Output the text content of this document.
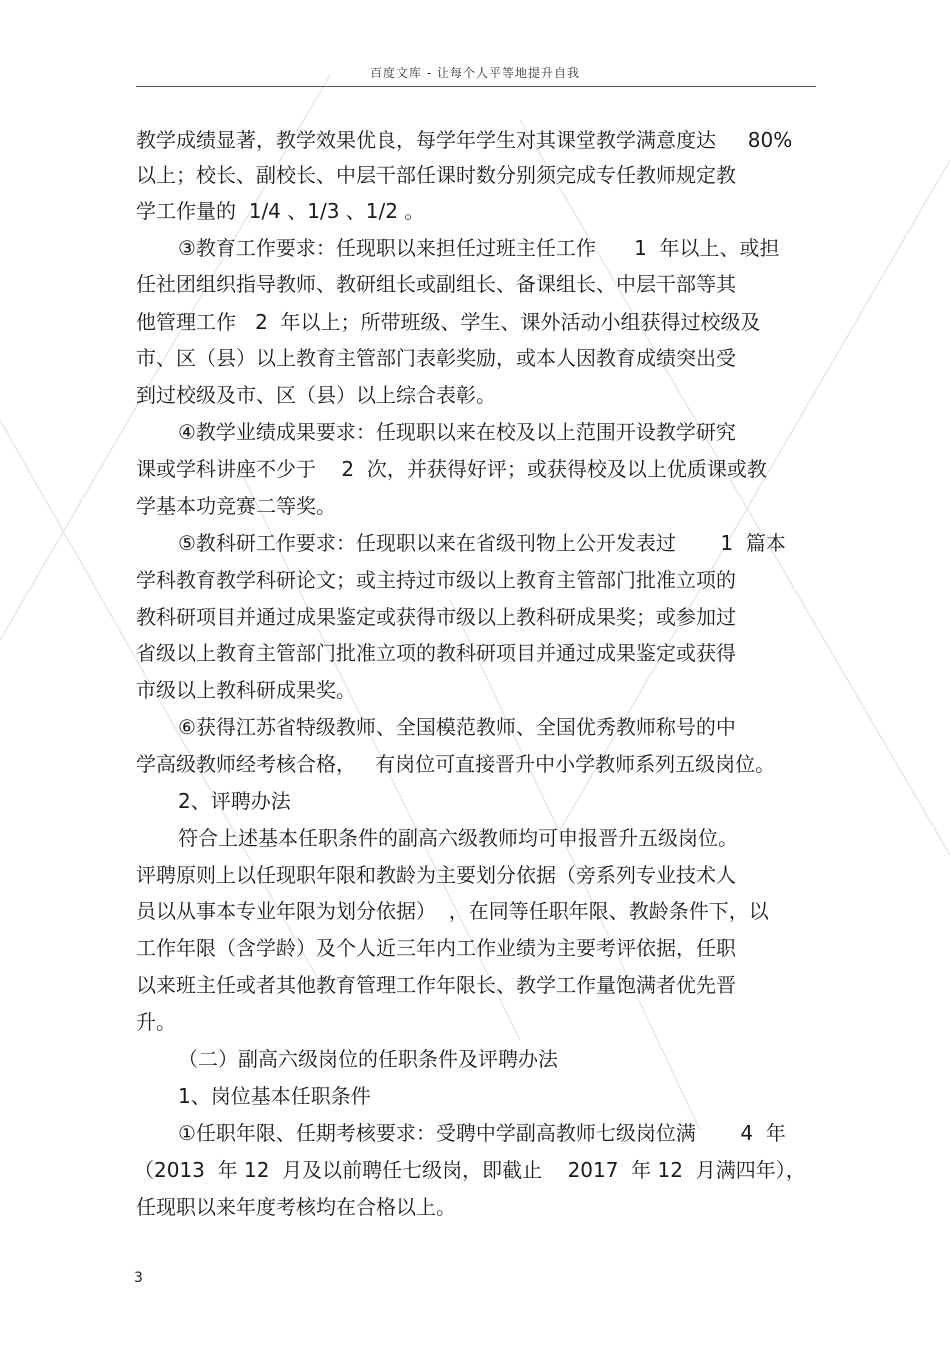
百度文库 - 让每个人平等地提升自我
教学成绩显著，教学效果优良，每学年学生对其课堂教学满意度达     80%
以上；校长、副校长、中层干部任课时数分别须完成专任教师规定教
学工作量的  1/4 、1/3 、1/2 。
③教育工作要求：任现职以来担任过班主任工作      1  年以上、或担
任社团组织指导教师、教研组长或副组长、备课组长、中层干部等其
他管理工作   2  年以上；所带班级、学生、课外活动小组获得过校级及
市、区（县）以上教育主管部门表彰奖励，或本人因教育成绩突出受
到过校级及市、区（县）以上综合表彰。
④教学业绩成果要求：任现职以来在校及以上范围开设教学研究
课或学科讲座不少于    2  次，并获得好评；或获得校及以上优质课或教
学基本功竞赛二等奖。
⑤教科研工作要求：任现职以来在省级刊物上公开发表过       1  篇本
学科教育教学科研论文；或主持过市级以上教育主管部门批准立项的
教科研项目并通过成果鉴定或获得市级以上教科研成果奖；或参加过
省级以上教育主管部门批准立项的教科研项目并通过成果鉴定或获得
市级以上教科研成果奖。
⑥获得江苏省特级教师、全国模范教师、全国优秀教师称号的中
学高级教师经考核合格，   有岗位可直接晋升中小学教师系列五级岗位。
2、评聘办法
符合上述基本任职条件的副高六级教师均可申报晋升五级岗位。
评聘原则上以任现职年限和教龄为主要划分依据（旁系列专业技术人
员以从事本专业年限为划分依据）  ，在同等任职年限、教龄条件下，以
工作年限（含学龄）及个人近三年内工作业绩为主要考评依据，任职
以来班主任或者其他教育管理工作年限长、教学工作量饱满者优先晋
升。
（二）副高六级岗位的任职条件及评聘办法
1、岗位基本任职条件
①任职年限、任期考核要求：受聘中学副高教师七级岗位满       4  年
（2013  年 12  月及以前聘任七级岗，即截止    2017  年 12  月满四年），
任现职以来年度考核均在合格以上。
3
